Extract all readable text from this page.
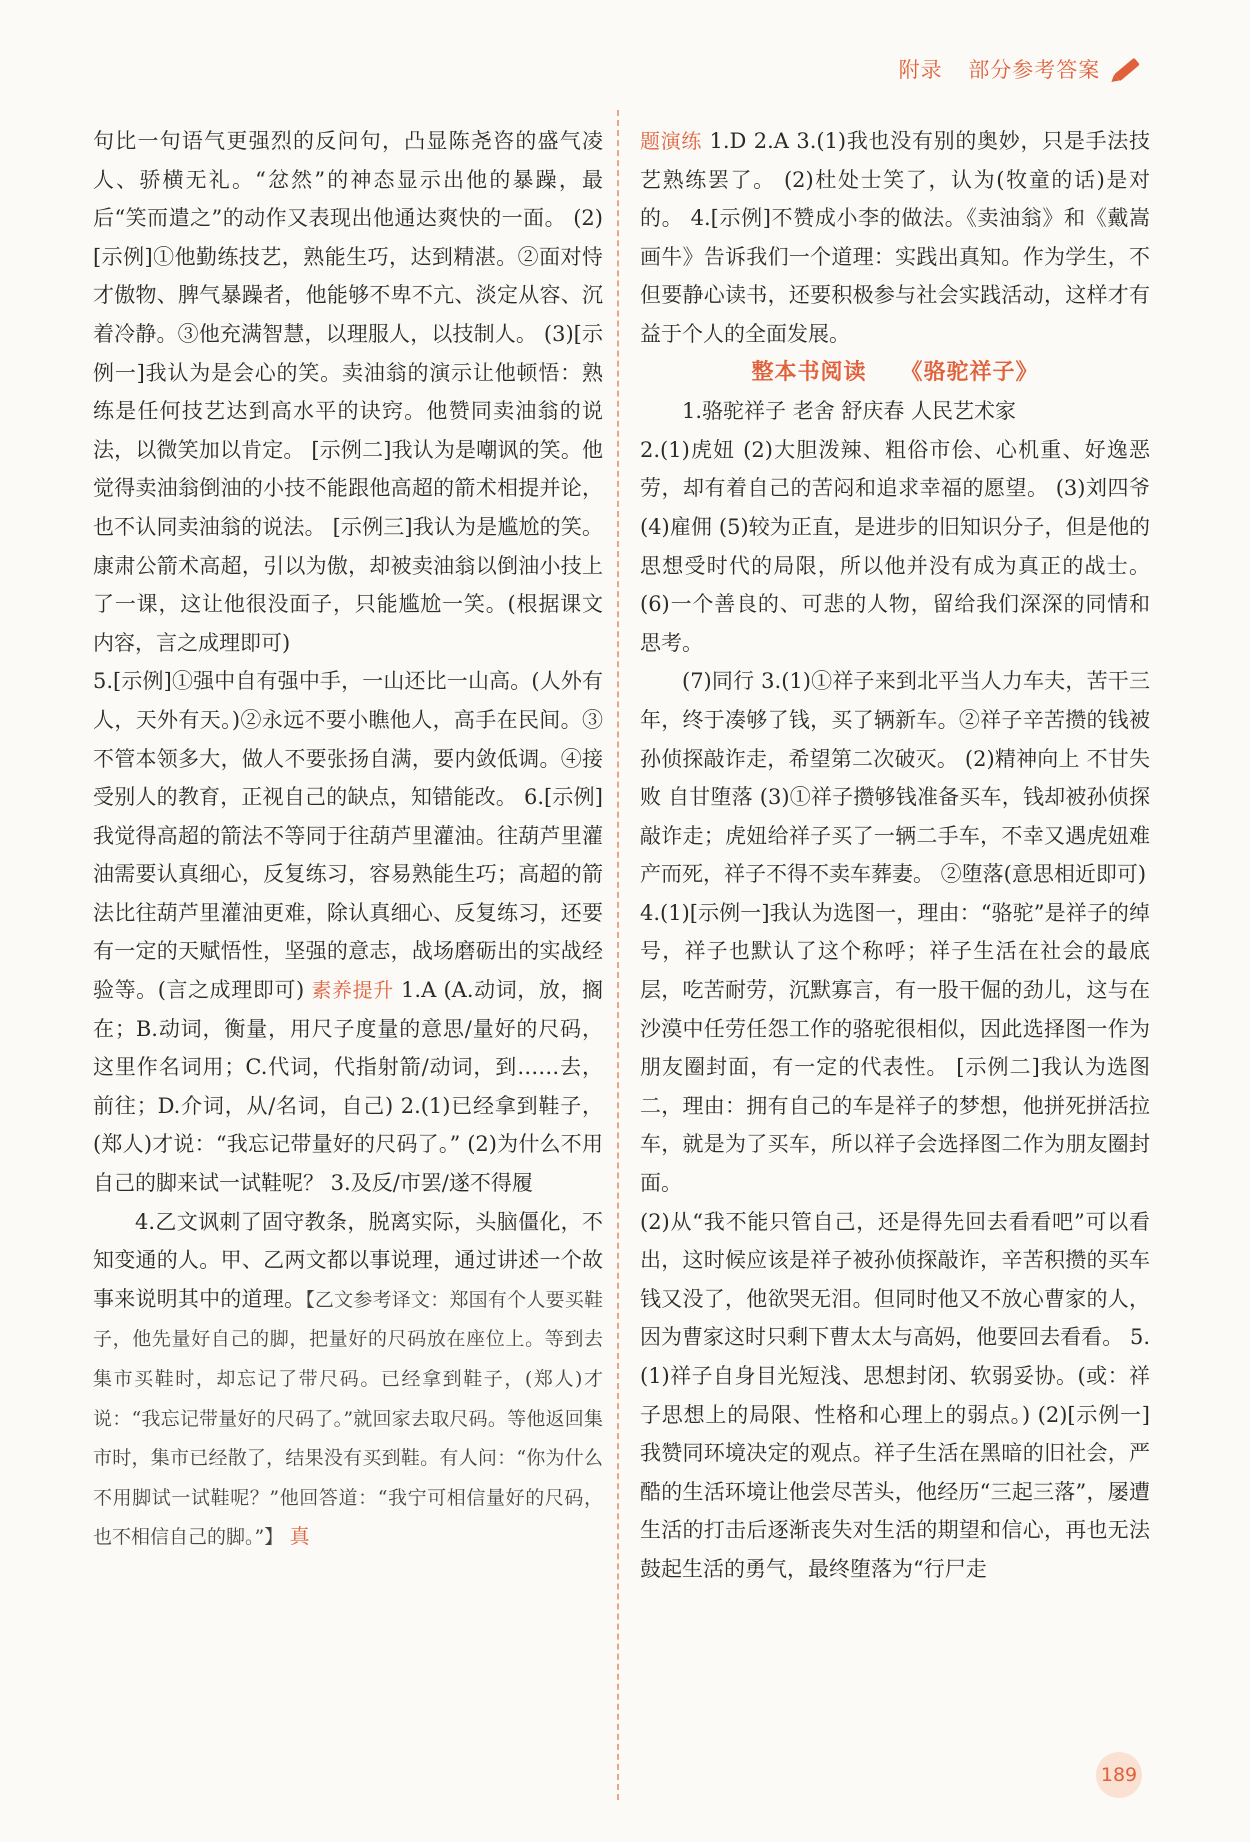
附录 部分参考答案

句比一句语气更强烈的反问句，凸显陈尧咨的盛气凌人、骄横无礼。“忿然”的神态显示出他的暴躁，最后“笑而遣之”的动作又表现出他通达爽快的一面。 (2)[示例]①他勤练技艺，熟能生巧，达到精湛。②面对恃才傲物、脾气暴躁者，他能够不卑不亢、淡定从容、沉着冷静。③他充满智慧，以理服人，以技制人。 (3)[示例一]我认为是会心的笑。卖油翁的演示让他顿悟：熟练是任何技艺达到高水平的诀窍。他赞同卖油翁的说法，以微笑加以肯定。 [示例二]我认为是嘲讽的笑。他觉得卖油翁倒油的小技不能跟他高超的箭术相提并论，也不认同卖油翁的说法。 [示例三]我认为是尴尬的笑。康肃公箭术高超，引以为傲，却被卖油翁以倒油小技上了一课，这让他很没面子，只能尴尬一笑。(根据课文内容，言之成理即可)

5.[示例]①强中自有强中手，一山还比一山高。(人外有人，天外有天。)②永远不要小瞧他人，高手在民间。③不管本领多大，做人不要张扬自满，要内敛低调。④接受别人的教育，正视自己的缺点，知错能改。 6.[示例]我觉得高超的箭法不等同于往葫芦里灌油。往葫芦里灌油需要认真细心，反复练习，容易熟能生巧；高超的箭法比往葫芦里灌油更难，除认真细心、反复练习，还要有一定的天赋悟性，坚强的意志，战场磨砺出的实战经验等。(言之成理即可) 素养提升 1.A (A.动词，放，搁在；B.动词，衡量，用尺子度量的意思/量好的尺码，这里作名词用；C.代词，代指射箭/动词，到……去，前往；D.介词，从/名词，自己) 2.(1)已经拿到鞋子，(郑人)才说：“我忘记带量好的尺码了。” (2)为什么不用自己的脚来试一试鞋呢？ 3.及反/市罢/遂不得履

4.乙文讽刺了固守教条，脱离实际，头脑僵化，不知变通的人。甲、乙两文都以事说理，通过讲述一个故事来说明其中的道理。【乙文参考译文：郑国有个人要买鞋子，他先量好自己的脚，把量好的尺码放在座位上。等到去集市买鞋时，却忘记了带尺码。已经拿到鞋子，(郑人)才说：“我忘记带量好的尺码了。”就回家去取尺码。等他返回集市时，集市已经散了，结果没有买到鞋。有人问：“你为什么不用脚试一试鞋呢？”他回答道：“我宁可相信量好的尺码，也不相信自己的脚。”】 真

题演练 1.D 2.A 3.(1)我也没有别的奥妙，只是手法技艺熟练罢了。 (2)杜处士笑了，认为(牧童的话)是对的。 4.[示例]不赞成小李的做法。《卖油翁》和《戴嵩画牛》告诉我们一个道理：实践出真知。作为学生，不但要静心读书，还要积极参与社会实践活动，这样才有益于个人的全面发展。

整本书阅读 《骆驼祥子》

1.骆驼祥子 老舍 舒庆春 人民艺术家

2.(1)虎妞 (2)大胆泼辣、粗俗市侩、心机重、好逸恶劳，却有着自己的苦闷和追求幸福的愿望。 (3)刘四爷 (4)雇佣 (5)较为正直，是进步的旧知识分子，但是他的思想受时代的局限，所以他并没有成为真正的战士。 (6)一个善良的、可悲的人物，留给我们深深的同情和思考。

(7)同行 3.(1)①祥子来到北平当人力车夫，苦干三年，终于凑够了钱，买了辆新车。②祥子辛苦攒的钱被孙侦探敲诈走，希望第二次破灭。 (2)精神向上 不甘失败 自甘堕落 (3)①祥子攒够钱准备买车，钱却被孙侦探敲诈走；虎妞给祥子买了一辆二手车，不幸又遇虎妞难产而死，祥子不得不卖车葬妻。 ②堕落(意思相近即可)

4.(1)[示例一]我认为选图一，理由：“骆驼”是祥子的绰号，祥子也默认了这个称呼；祥子生活在社会的最底层，吃苦耐劳，沉默寡言，有一股干倔的劲儿，这与在沙漠中任劳任怨工作的骆驼很相似，因此选择图一作为朋友圈封面，有一定的代表性。 [示例二]我认为选图二，理由：拥有自己的车是祥子的梦想，他拼死拼活拉车，就是为了买车，所以祥子会选择图二作为朋友圈封面。

(2)从“我不能只管自己，还是得先回去看看吧”可以看出，这时候应该是祥子被孙侦探敲诈，辛苦积攒的买车钱又没了，他欲哭无泪。但同时他又不放心曹家的人，因为曹家这时只剩下曹太太与高妈，他要回去看看。 5.(1)祥子自身目光短浅、思想封闭、软弱妥协。(或：祥子思想上的局限、性格和心理上的弱点。) (2)[示例一]我赞同环境决定的观点。祥子生活在黑暗的旧社会，严酷的生活环境让他尝尽苦头，他经历“三起三落”，屡遭生活的打击后逐渐丧失对生活的期望和信心，再也无法鼓起生活的勇气，最终堕落为“行尸走

189
